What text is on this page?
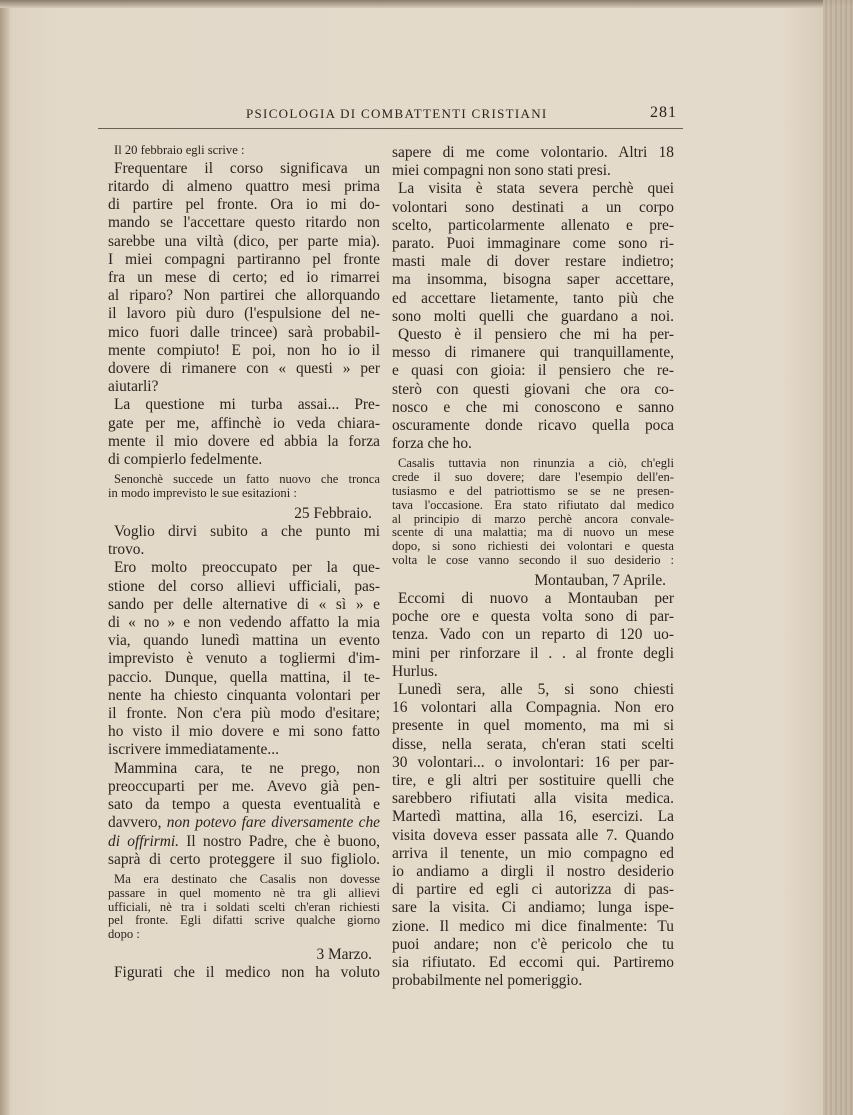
PSICOLOGIA DI COMBATTENTI CRISTIANI	281
Il 20 febbraio egli scrive :
Frequentare il corso significava un
ritardo di almeno quattro mesi prima
di partire pel fronte. Ora io mi do-
mando se l'accettare questo ritardo non
sarebbe una viltà (dico, per parte mia).
I miei compagni partiranno pel fronte
fra un mese di certo; ed io rimarrei
al riparo? Non partirei che allorquando
il lavoro più duro (l'espulsione del ne-
mico fuori dalle trincee) sarà probabil-
mente compiuto! E poi, non ho io il
dovere di rimanere con « questi » per
aiutarli?
La questione mi turba assai... Pre-
gate per me, affinchè io veda chiara-
mente il mio dovere ed abbia la forza
di compierlo fedelmente.
Senonchè succede un fatto nuovo che tronca
in modo imprevisto le sue esitazioni :
25 Febbraio.
Voglio dirvi subito a che punto mi
trovo.
Ero molto preoccupato per la que-
stione del corso allievi ufficiali, pas-
sando per delle alternative di « sì » e
di « no » e non vedendo affatto la mia
via, quando lunedì mattina un evento
imprevisto è venuto a togliermi d'im-
paccio. Dunque, quella mattina, il te-
nente ha chiesto cinquanta volontari per
il fronte. Non c'era più modo d'esitare;
ho visto il mio dovere e mi sono fatto
iscrivere immediatamente...
Mammina cara, te ne prego, non
preoccuparti per me. Avevo già pen-
sato da tempo a questa eventualità e
davvero, non potevo fare diversamente che
di offrirmi. Il nostro Padre, che è buono,
saprà di certo proteggere il suo figliolo.
Ma era destinato che Casalis non dovesse
passare in quel momento nè tra gli allievi
ufficiali, nè tra i soldati scelti ch'eran richiesti
pel fronte. Egli difatti scrive qualche giorno
dopo :
3 Marzo.
Figurati che il medico non ha voluto
sapere di me come volontario. Altri 18
miei compagni non sono stati presi.
La visita è stata severa perchè quei
volontari sono destinati a un corpo
scelto, particolarmente allenato e pre-
parato. Puoi immaginare come sono ri-
masti male di dover restare indietro;
ma insomma, bisogna saper accettare,
ed accettare lietamente, tanto più che
sono molti quelli che guardano a noi.
Questo è il pensiero che mi ha per-
messo di rimanere qui tranquillamente,
e quasi con gioia: il pensiero che re-
sterò con questi giovani che ora co-
nosco e che mi conoscono e sanno
oscuramente donde ricavo quella poca
forza che ho.
Casalis tuttavia non rinunzia a ciò, ch'egli
crede il suo dovere; dare l'esempio dell'en-
tusiasmo e del patriottismo se se ne presen-
tava l'occasione. Era stato rifiutato dal medico
al principio di marzo perchè ancora convale-
scente di una malattia; ma di nuovo un mese
dopo, si sono richiesti dei volontari e questa
volta le cose vanno secondo il suo desiderio :
Montauban, 7 Aprile.
Eccomi di nuovo a Montauban per
poche ore e questa volta sono di par-
tenza. Vado con un reparto di 120 uo-
mini per rinforzare il . . al fronte degli
Hurlus.
Lunedì sera, alle 5, si sono chiesti
16 volontari alla Compagnia. Non ero
presente in quel momento, ma mi si
disse, nella serata, ch'eran stati scelti
30 volontari... o involontari: 16 per par-
tire, e gli altri per sostituire quelli che
sarebbero rifiutati alla visita medica.
Martedì mattina, alla 16, esercizi. La
visita doveva esser passata alle 7. Quando
arriva il tenente, un mio compagno ed
io andiamo a dirgli il nostro desiderio
di partire ed egli ci autorizza di pas-
sare la visita. Ci andiamo; lunga ispe-
zione. Il medico mi dice finalmente: Tu
puoi andare; non c'è pericolo che tu
sia rifiutato. Ed eccomi qui. Partiremo
probabilmente nel pomeriggio.
